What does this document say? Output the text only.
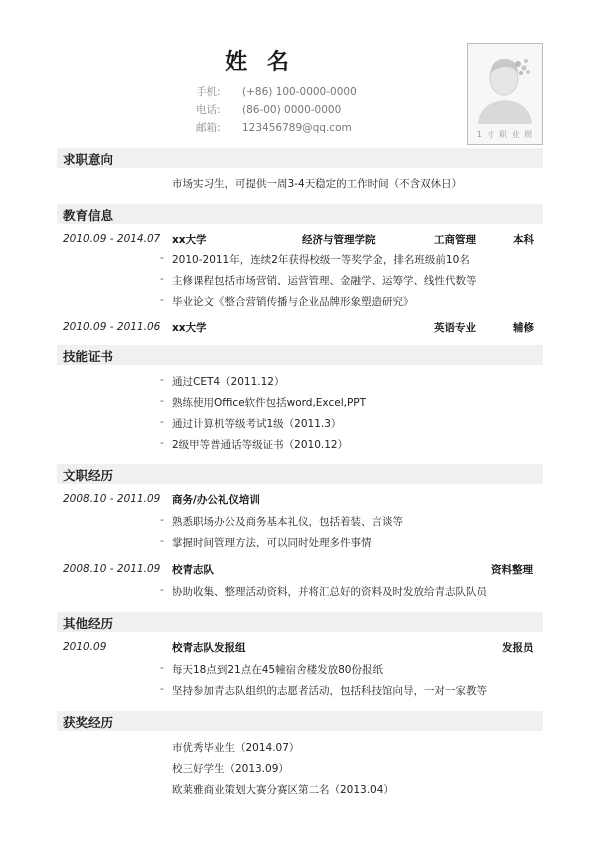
姓 名
手机: (+86) 100-0000-0000
电话: (86-00) 0000-0000
邮箱: 123456789@qq.com
1 寸 职 业 照
求职意向
市场实习生，可提供一周3-4天稳定的工作时间（不含双休日）
教育信息
2010.09 - 2014.07 xx大学	经济与管理学院	工商管理	本科
- 2010-2011年，连续2年获得校级一等奖学金，排名班级前10名
- 主修课程包括市场营销、运营管理、金融学、运筹学、线性代数等
- 毕业论文《整合营销传播与企业品牌形象塑造研究》
2010.09 - 2011.06 xx大学	英语专业	辅修
技能证书
- 通过CET4（2011.12）
- 熟练使用Office软件包括word,Excel,PPT
- 通过计算机等级考试1级（2011.3）
- 2级甲等普通话等级证书（2010.12）
文职经历
2008.10 - 2011.09 商务/办公礼仪培训
- 熟悉职场办公及商务基本礼仪，包括着装、言谈等
- 掌握时间管理方法，可以同时处理多件事情
2008.10 - 2011.09 校青志队	资料整理
- 协助收集、整理活动资料，并将汇总好的资料及时发放给青志队队员
其他经历
2010.09	校青志队发报组	发报员
- 每天18点到21点在45幢宿舍楼发放80份报纸
- 坚持参加青志队组织的志愿者活动，包括科技馆向导，一对一家教等
获奖经历
市优秀毕业生（2014.07）
校三好学生（2013.09）
欧莱雅商业策划大赛分赛区第二名（2013.04）
